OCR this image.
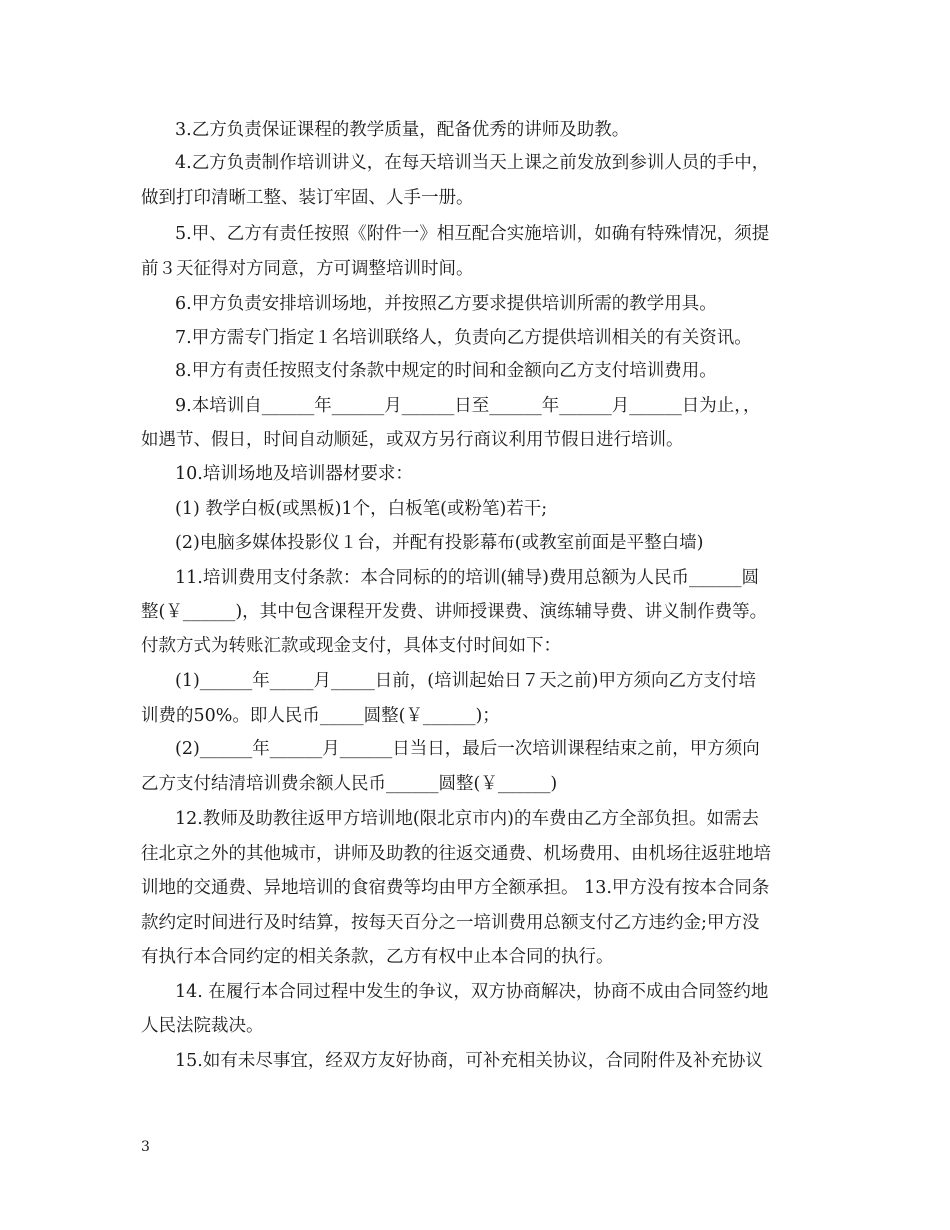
3.乙方负责保证课程的教学质量，配备优秀的讲师及助教。
4.乙方负责制作培训讲义，在每天培训当天上课之前发放到参训人员的手中，
做到打印清晰工整、装订牢固、人手一册。
5.甲、乙方有责任按照《附件一》相互配合实施培训，如确有特殊情况，须提
前３天征得对方同意，方可调整培训时间。
6.甲方负责安排培训场地，并按照乙方要求提供培训所需的教学用具。
7.甲方需专门指定１名培训联络人，负责向乙方提供培训相关的有关资讯。
8.甲方有责任按照支付条款中规定的时间和金额向乙方支付培训费用。
9.本培训自______年______月______日至______年______月______日为止，，
如遇节、假日，时间自动顺延，或双方另行商议利用节假日进行培训。
10.培训场地及培训器材要求：
(1) 教学白板(或黑板)1个，白板笔(或粉笔)若干;
(2)电脑多媒体投影仪１台，并配有投影幕布(或教室前面是平整白墙)
11.培训费用支付条款：本合同标的的培训(辅导)费用总额为人民币______圆
整(￥______)，其中包含课程开发费、讲师授课费、演练辅导费、讲义制作费等。
付款方式为转账汇款或现金支付，具体支付时间如下：
(1)______年_____月_____日前，(培训起始日７天之前)甲方须向乙方支付培
训费的50%。即人民币_____圆整(￥______)；
(2)______年______月______日当日，最后一次培训课程结束之前，甲方须向
乙方支付结清培训费余额人民币______圆整(￥______)
12.教师及助教往返甲方培训地(限北京市内)的车费由乙方全部负担。如需去
往北京之外的其他城市，讲师及助教的往返交通费、机场费用、由机场往返驻地培
训地的交通费、异地培训的食宿费等均由甲方全额承担。 13.甲方没有按本合同条
款约定时间进行及时结算，按每天百分之一培训费用总额支付乙方违约金;甲方没
有执行本合同约定的相关条款，乙方有权中止本合同的执行。
14. 在履行本合同过程中发生的争议，双方协商解决，协商不成由合同签约地
人民法院裁决。
15.如有未尽事宜，经双方友好协商，可补充相关协议，合同附件及补充协议
3
